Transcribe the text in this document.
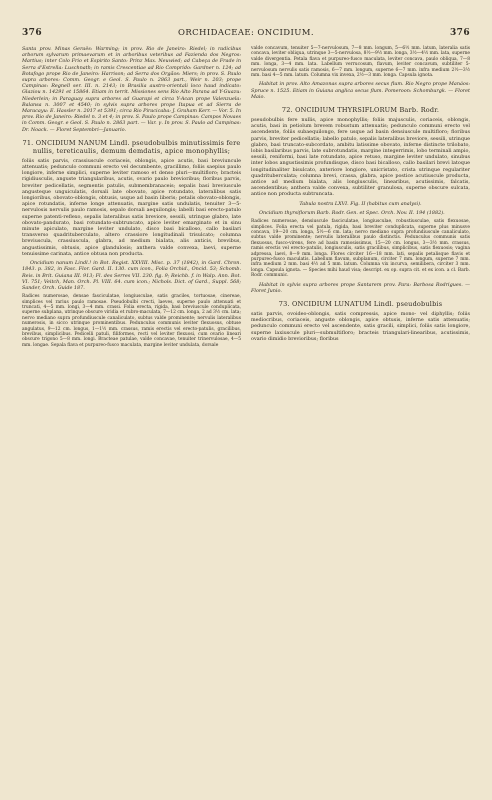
376	ORCHIDACEAE: ONCIDIUM.	376

Santa prov. Minas Geraës: Warming; in prov. Rio de Janeiro: Riedel; in radicibus arborum sylvarum primaevarum et in arboribus veteribus ad Fazienda dos Negros: Martius; inter Colo Frio et Espirito Santo: Prinz Max. Neuwied; ad Cabeça de Frade in Serra d'Estrella: Luschnath; in ramis Crescentiae ad Rio Comprido: Gardner n. 124; ad Botafogo prope Rio de Janeiro: Harrison; ad Serra dos Orgãos: Miers; in prov. S. Paulo supra arbores: Comm. Geogr. e Geol. S. Paulo n. 2863 part., Weir n. 203; prope Campinas: Regnell ser. III. n. 2143; in Brasilia austro-orientali loco haud indicato: Glaziou n. 14291 et 15864. Etiam in territ. Missiones sens Rio Alto Parana ad Y-Guazu: Niederlein; in Paraguay supra arbores ad Guarapi et circa Y-Acan prope Valenzuela: Balansa n. 3007 et 4540; in sylvis supra arbores prope Itapua et ad Sierra de Maracayu: E. Hassler n. 2017 et 5391; circa Rio Piracicaba: J. Graham Kerr. — Vor. 5. In prov. Rio de Janeiro: Riedel n. 3 et 4; in prov. S. Paulo prope Campinas: Campos Novaes in Comm. Geogr. e Geol. S. Paulo n. 2863 part. — Var. γ. In prov. S. Paulo ad Campinas: Dr. Noack. — Floret Septembri—Januario.

71. ONCIDIUM NANUM Lindl. pseudobulbis minutissimis fere nullis, tereticaulis, demum demdatis, apice monophyllis;

foliis satis parvis, crassiuscule coriaceis, oblongis, apice acutis, basi breviuncule attenuatis; pedunculo communi erecto vel decumbente, gracillimo, foliis saepius paulo longiore, inferne simplici, superne leviter ramoso et denso pluri—multifloro; bracteis rigidiusculis, angustе triangularibus, acutis, ovario paulo brevioribus; floribus parvis, breviter pedicellatis, segmentis patulis, submembranaceis; sepalis basi breviuscule angustеque unguiculatis, dorsali late obovato, apice rotundato, lateralibus satis longioribus, obovato-oblongis, obtusis, usque ad basin liberis; petalis obovato-oblongis, apice rotundatis, inferne longe attenuatis, margine satis undulatis, tenuiter 3—5-nervulosis nervulis paulo ramosis, sepalo dorsali aequilongis; labelli basi erecto-patulo superne patenti-reflexo, sepalis lateralibus satis breviore, sessili, utrinque glabro, late obovato-panduratо, basi rotundato-subtruncato, apice leviter emarginato et in sinu minute apiculato, margine leviter undulato, disco basi bicalloso, callo basilari transverso quadrituberculato, altero crassiore longitudinali trisulcato; columna breviuscula, crassiuscula, glabra, ad medium biaIata, alis anticis, brevibus, angustissimis, obtusis, apice glandulosis; anthera valde convexa, laevi, superne tenuissime carinata, antice obtusa non producta.

Oncidium nanum Lindl.! in Bot. Regist. XXVIII. Misc. p. 37 (1842), in Gard. Chron. 1843. p. 382, in Fasc. Flor. Gard. II. 130. cum icon., Folia Orchid., Oncid. 53; Schomb. Reis. in Brit. Guiana III. 913; Fl. des Serres VII. 230. fig. 9; Reichb. f. in Walp. Ann. Bot. VI. 751; Veitch, Man. Orch. Pl. VIII. 64. cum icon.; Nichols. Dict. of Gard., Suppl. 568; Sander, Orch. Guide 187.

Radices numerosae, densae fasciculatae, longiusculae, satis graciles, tortuosae, cinereae, simplices vel rarius paulo ramosae. Pseudobulbi crecti, laeves, superne paulo attenuati et truncati, 4—5 mm. longi, 3—4 mm. crassi. Folia erecta, rigida, basi breviuscule conduplicata, superne subplana, utrinque obscure viridia et rubro-maculata, 7—12 cm. longa, 2 ad 3½ cm. lata; nervo mediano supra profundiuscule canaliculato, subtus valde prominente; nervulis lateralibus numerosis, in sicco utrinque prominentibus. Pedunculus communis leviter flexuosus, obtuse angulatus, 9—12 cm. longus, 1—1½ mm. crassus, ramis erectis vel erecto-patulis, gracilibus, brevibus, simplicibus. Pedicelli patuli, filiformes, recti vel leviter flexuosi, cum ovario lineari obscure trigono 5—8 mm. longi. Bracteae patulae, valde concavae, tenuiter trinervulosae, 4—5 mm. longae. Sepala flava et purpureo-fusco maculata, margine leviter undulata, dorsale

valde concavum, tenuiter 5—7-nervulosum, 7—8 mm. longum, 5—6½ mm. latum, lateralia satis concava, leviter obliqua, utrinque 3—5-nervulosa, 8½—9½ mm. longa, 3½—4½ mm. lata, superne valde divergentia. Petala flava et purpureo-fusco maculata, leviter concava, paulo obliqua, 7—8 mm. longa, 3—4 mm. lata. Labellum verrucosum, flavum, leviter concavum, subtiliter 5-nervulosum nervulis satis ramosis, 6—7 mm. longum, superne 6—7 mm. infra medium 2½—3½ mm. basi 4—5 mm. latum. Columna vix invexa, 2½—3 mm. longa. Capsula ignota.

Habitat in prov. Alto Amazonas supra arbores secus flum. Rio Negro prope Manáos: Spruce n. 1525. Etiam in Guiana anglica secus flum. Pomeroon: Schomburgk. — Floret Maio.

72. ONCIDIUM THYRSIFLORUM Barb. Rodr.

pseudobulbis fere nullis, apice monophyllis; foliis majusculis, coriaceis, oblongis, acutis, basi in petiolum brevem robustum attenuatis; pedunculo communi erecto vel ascendente, foliis subaequilongo, fere usque ad basin densiuscule multifloro; floribus parvis, breviter pedicellatis; labello patulo, sepalis lateralibus breviore, sessili, utrinque glabro, basi truncato-subcordato, ambitu latissime obovato, inferne distincte trilobato, lobis basilaribus parvis, late subrotundatis, margine integerrimis, lobo terminali ampio, sessili, reniformi, basi late rotundato, apice retuso, margine leviter undulato, sinubus inter lobos angustissimis profundisque, disco basi bicalloso, callo basilari brevi latoque longitudinaliter bisulcato, anteriore longiore, unicristato, crista utrinque regulariter quadrituberculata; columna brevi, crassa, glabra, apice postice acutiuscule producta, antice ad medium bialata, alis longiusculis, linearibus, acutissimis, falcatis, ascendentibus; anthera valde convexa, subtiliter granulosa, superne obscure sulcata, antice non producta subtruncata.

Tabula nostra LXVI. Fig. II (habitus cum analysi).

Oncidium thyrsiflorum Barb. Rodr. Gen. et Spec. Orch. Nov. II. 194 (1882).

Radices numerosae, densiuscule fasciculatae, longiusculae, robustiusculae, satis flexuosae, simplices. Folia erecta vel patula, rigida, basi breviter conduplicata, superne plus minusve concava, 19—20 cm. longa, 5½—6 cm. lata; nervo mediano supra profundiuscule canaliculato, subtus valde prominente; nervulis lateralibus paulo distinctis. Pedunculus communis satis flexuosus, fusco-virens, fere ad basin ramosissimus, 15—20 cm. longus, 3—3½ mm. crassus, ramis erectis vel erecto-patulis, longiusculis, satis gracilibus, simplicibus, satis flexuosis; vagina adpressa, laevi, 8—9 mm. longa. Flores circiter 16—18 mm. lati, sepalis petalisque flavis et purpureo-fusco maculatis. Labellum flavum, subplanum, circiter 7 mm. longum, superne 7 mm. infra medium 2 mm. basi 4½ ad 5 mm. latum. Columna vix incurva, semilibera, circiter 3 mm. longa. Capsula ignota. — Species mihi haud visa; descript. ex op. supra cit. et ex icon. a cl. Barb. Rodr. communic.

Habitat in sylvis supra arbores prope Santarem prov. Para: Barbosa Rodrigues. — Floret Junio.

73. ONCIDIUM LUNATUM Lindl. pseudobulbis

satis parvis, ovoideo-oblongis, satis compressis, apice mono- vel diphyllis; foliis mediocribus, coriaceis, anguste oblongis, apice obtusis, inferne satis attenuatis; pedunculo communi erecto vel ascendente, satis gracili, simplici, foliis satis longiore, superne laxiuscule pluri—submultifloro; bracteis triangulari-linearibus, acutissimis, ovario dimidio brevioribus; floribus
